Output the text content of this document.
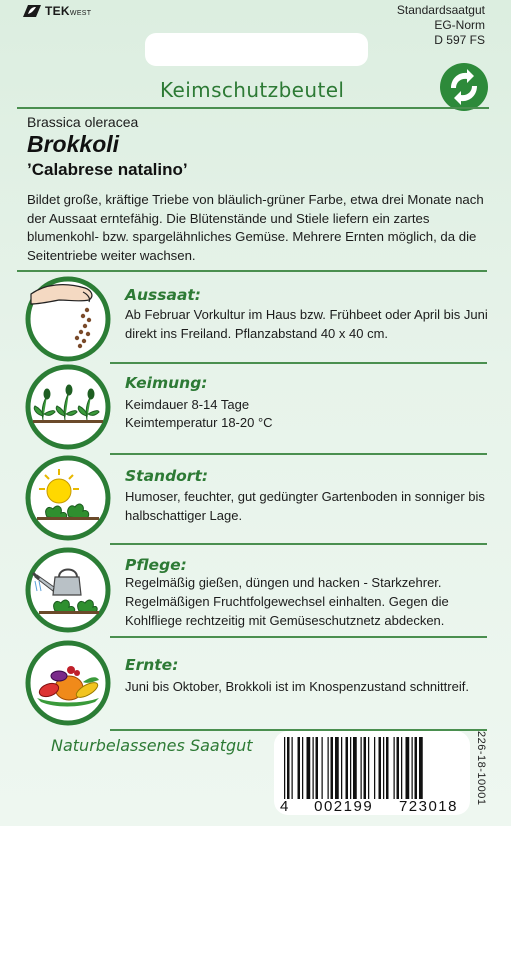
TEKWEST	Standardsaatgut
EG-Norm
D 597 FS
Keimschutzbeutel
Brassica oleracea
Brokkoli
’Calabrese natalino’

Bildet große, kräftige Triebe von bläulich-grüner Farbe, etwa drei Monate nach der Aussaat erntefähig. Die Blütenstände und Stiele liefern ein zartes blumenkohl- bzw. spargelähnliches Gemüse. Mehrere Ernten möglich, da die Seitentriebe weiter wachsen.

Aussaat:

Ab Februar Vorkultur im Haus bzw. Frühbeet oder April bis Juni direkt ins Freiland. Pflanzabstand 40 x 40 cm.

Keimung:
Keimdauer 8-14 Tage
Keimtemperatur 18-20 °C
Standort:

Humoser, feuchter, gut gedüngter Gartenboden in sonniger bis halbschattiger Lage.

Pflege:

Regelmäßig gießen, düngen und hacken - Starkzehrer. Regelmäßigen Fruchtfolgewechsel einhalten. Gegen die Kohlfliege rechtzeitig mit Gemüseschutznetz abdecken.

Ernte:

Juni bis Oktober, Brokkoli ist im Knospenzustand schnittreif.

Naturbelassenes Saatgut
4 002199 723018
226-18-10001
